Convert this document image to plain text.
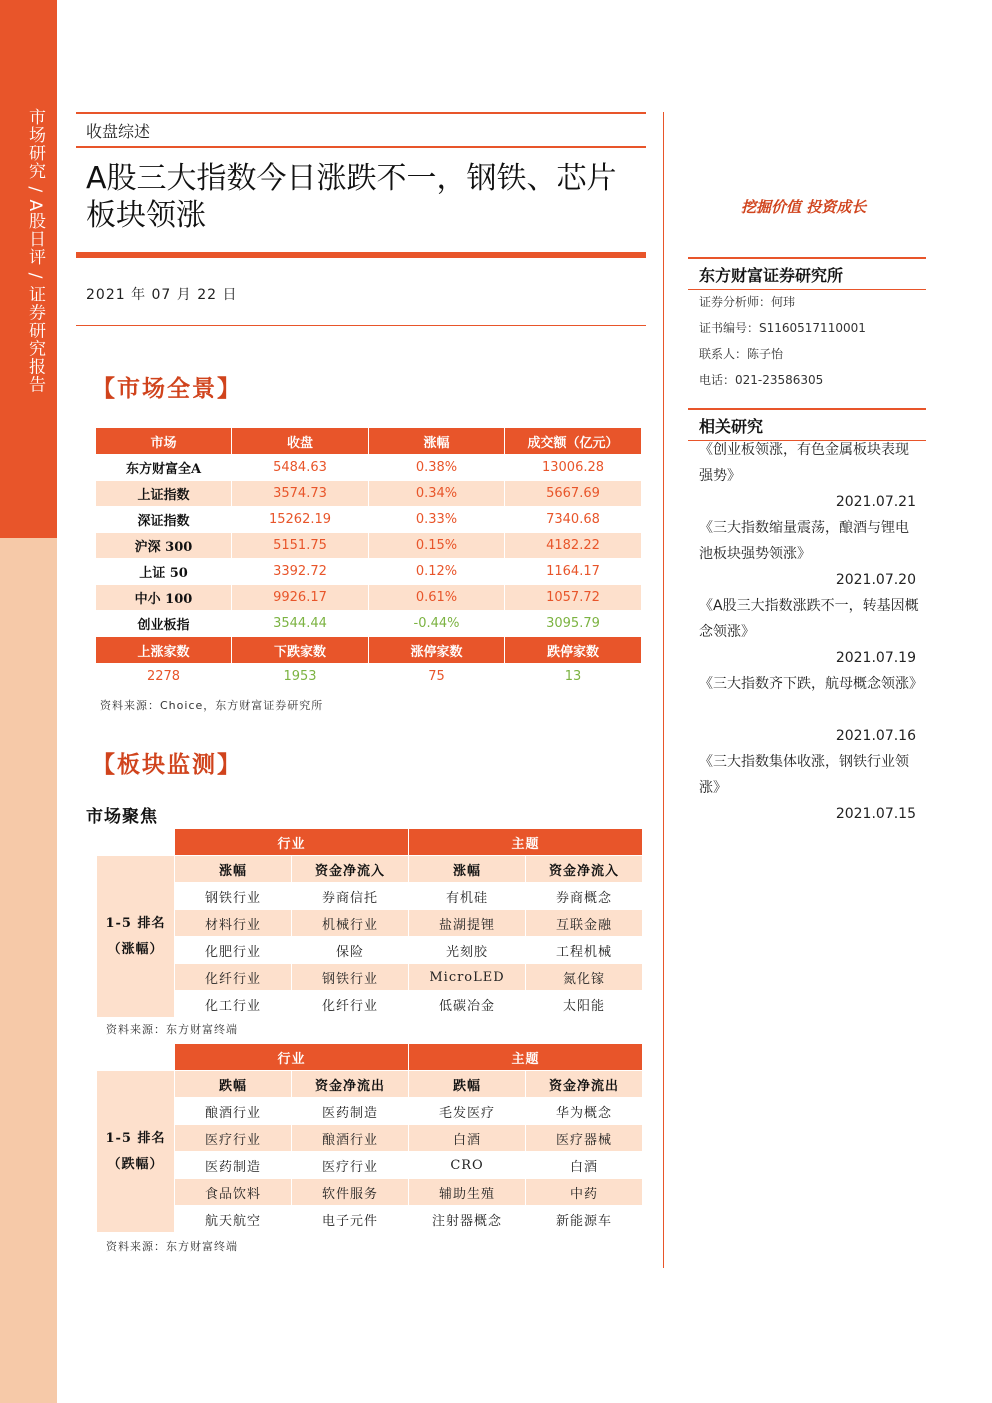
市场研究 / A股日评 / 证券研究报告	收盘综述
A股三大指数今日涨跌不一，钢铁、芯片板块领涨
2021 年 07 月 22 日
挖掘价值 投资成长
东方财富证券研究所
证券分析师：何玮
证书编号：S1160517110001
联系人：陈子怡
电话：021-23586305
相关研究
《创业板领涨，有色金属板块表现强势》
2021.07.21
《三大指数缩量震荡，酿酒与锂电池板块强势领涨》
2021.07.20
《A股三大指数涨跌不一，转基因概念领涨》
2021.07.19
《三大指数齐下跌，航母概念领涨》
2021.07.16
《三大指数集体收涨，钢铁行业领涨》
2021.07.15
【市场全景】
市场	收盘	涨幅	成交额（亿元）
东方财富全A	5484.63	0.38%	13006.28
上证指数	3574.73	0.34%	5667.69
深证指数	15262.19	0.33%	7340.68
沪深 300	5151.75	0.15%	4182.22
上证 50	3392.72	0.12%	1164.17
中小 100	9926.17	0.61%	1057.72
创业板指	3544.44	-0.44%	3095.79
上涨家数	下跌家数	涨停家数	跌停家数
2278	1953	75	13
资料来源：Choice，东方财富证券研究所
【板块监测】
市场聚焦
	行业		主题	
1-5 排名
（涨幅）	涨幅	资金净流入	涨幅	资金净流入
	钢铁行业	券商信托	有机硅	券商概念
	材料行业	机械行业	盐湖提锂	互联金融
	化肥行业	保险	光刻胶	工程机械
	化纤行业	钢铁行业	MicroLED	氮化镓
	化工行业	化纤行业	低碳冶金	太阳能
资料来源：东方财富终端
	行业		主题	
1-5 排名
（跌幅）	跌幅	资金净流出	跌幅	资金净流出
	酿酒行业	医药制造	毛发医疗	华为概念
	医疗行业	酿酒行业	白酒	医疗器械
	医药制造	医疗行业	CRO	白酒
	食品饮料	软件服务	辅助生殖	中药
	航天航空	电子元件	注射器概念	新能源车
资料来源：东方财富终端
